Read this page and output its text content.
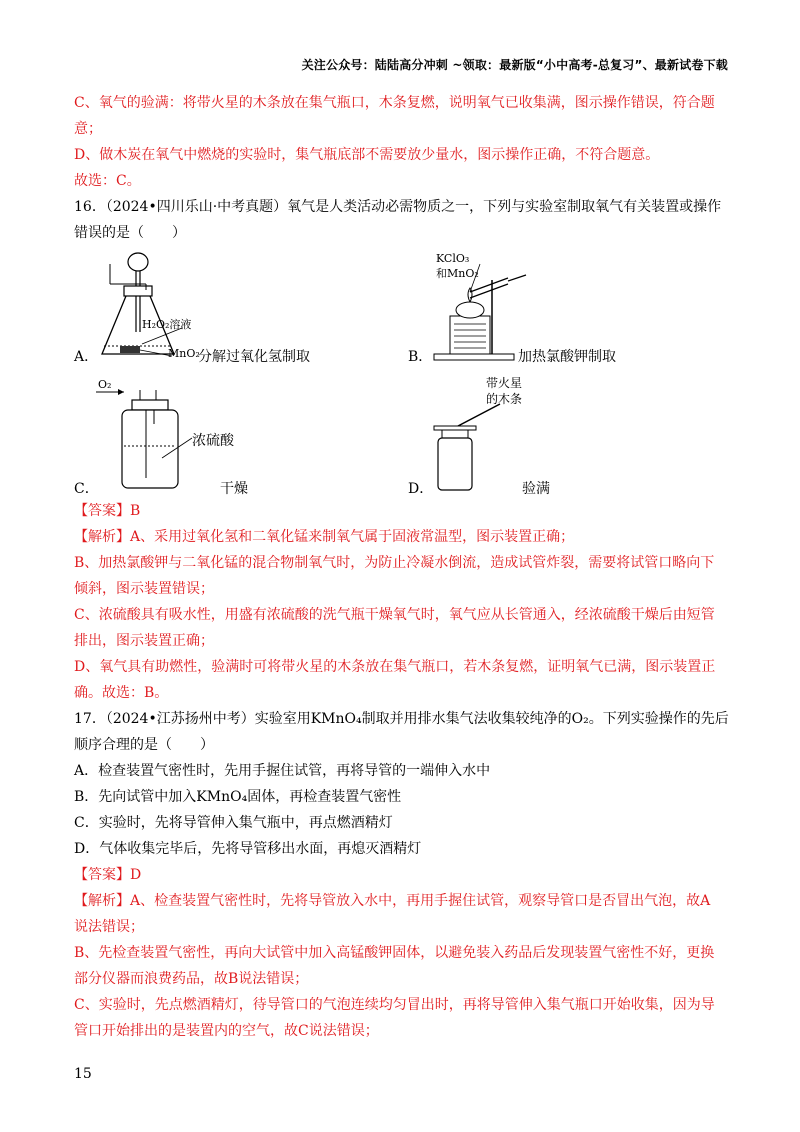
关注公众号：陆陆高分冲刺 ~领取：最新版“小中高考-总复习”、最新试卷下载
C、氧气的验满：将带火星的木条放在集气瓶口，木条复燃，说明氧气已收集满，图示操作错误，符合题
意；
D、做木炭在氧气中燃烧的实验时，集气瓶底部不需要放少量水，图示操作正确，不符合题意。
故选：C。
16．（2024•四川乐山·中考真题）氧气是人类活动必需物质之一，下列与实验室制取氧气有关装置或操作
错误的是（　　）
H₂O₂溶液
MnO₂
A．	分解过氧化氢制取
KClO₃
和MnO₂
B．	加热氯酸钾制取
O₂
浓硫酸
C．	干燥
带火星
的木条
D．	验满
【答案】B
【解析】A、采用过氧化氢和二氧化锰来制氧气属于固液常温型，图示装置正确；
B、加热氯酸钾与二氧化锰的混合物制氧气时，为防止冷凝水倒流，造成试管炸裂，需要将试管口略向下
倾斜，图示装置错误；
C、浓硫酸具有吸水性，用盛有浓硫酸的洗气瓶干燥氧气时，氧气应从长管通入，经浓硫酸干燥后由短管
排出，图示装置正确；
D、氧气具有助燃性，验满时可将带火星的木条放在集气瓶口，若木条复燃，证明氧气已满，图示装置正
确。故选：B。
17．（2024•江苏扬州中考）实验室用KMnO₄制取并用排水集气法收集较纯净的O₂。下列实验操作的先后
顺序合理的是（　　）
A．检查装置气密性时，先用手握住试管，再将导管的一端伸入水中
B．先向试管中加入KMnO₄固体，再检查装置气密性
C．实验时，先将导管伸入集气瓶中，再点燃酒精灯
D．气体收集完毕后，先将导管移出水面，再熄灭酒精灯
【答案】D
【解析】A、检查装置气密性时，先将导管放入水中，再用手握住试管，观察导管口是否冒出气泡，故A
说法错误；
B、先检查装置气密性，再向大试管中加入高锰酸钾固体，以避免装入药品后发现装置气密性不好，更换
部分仪器而浪费药品，故B说法错误；
C、实验时，先点燃酒精灯，待导管口的气泡连续均匀冒出时，再将导管伸入集气瓶口开始收集，因为导
管口开始排出的是装置内的空气，故C说法错误；
15
